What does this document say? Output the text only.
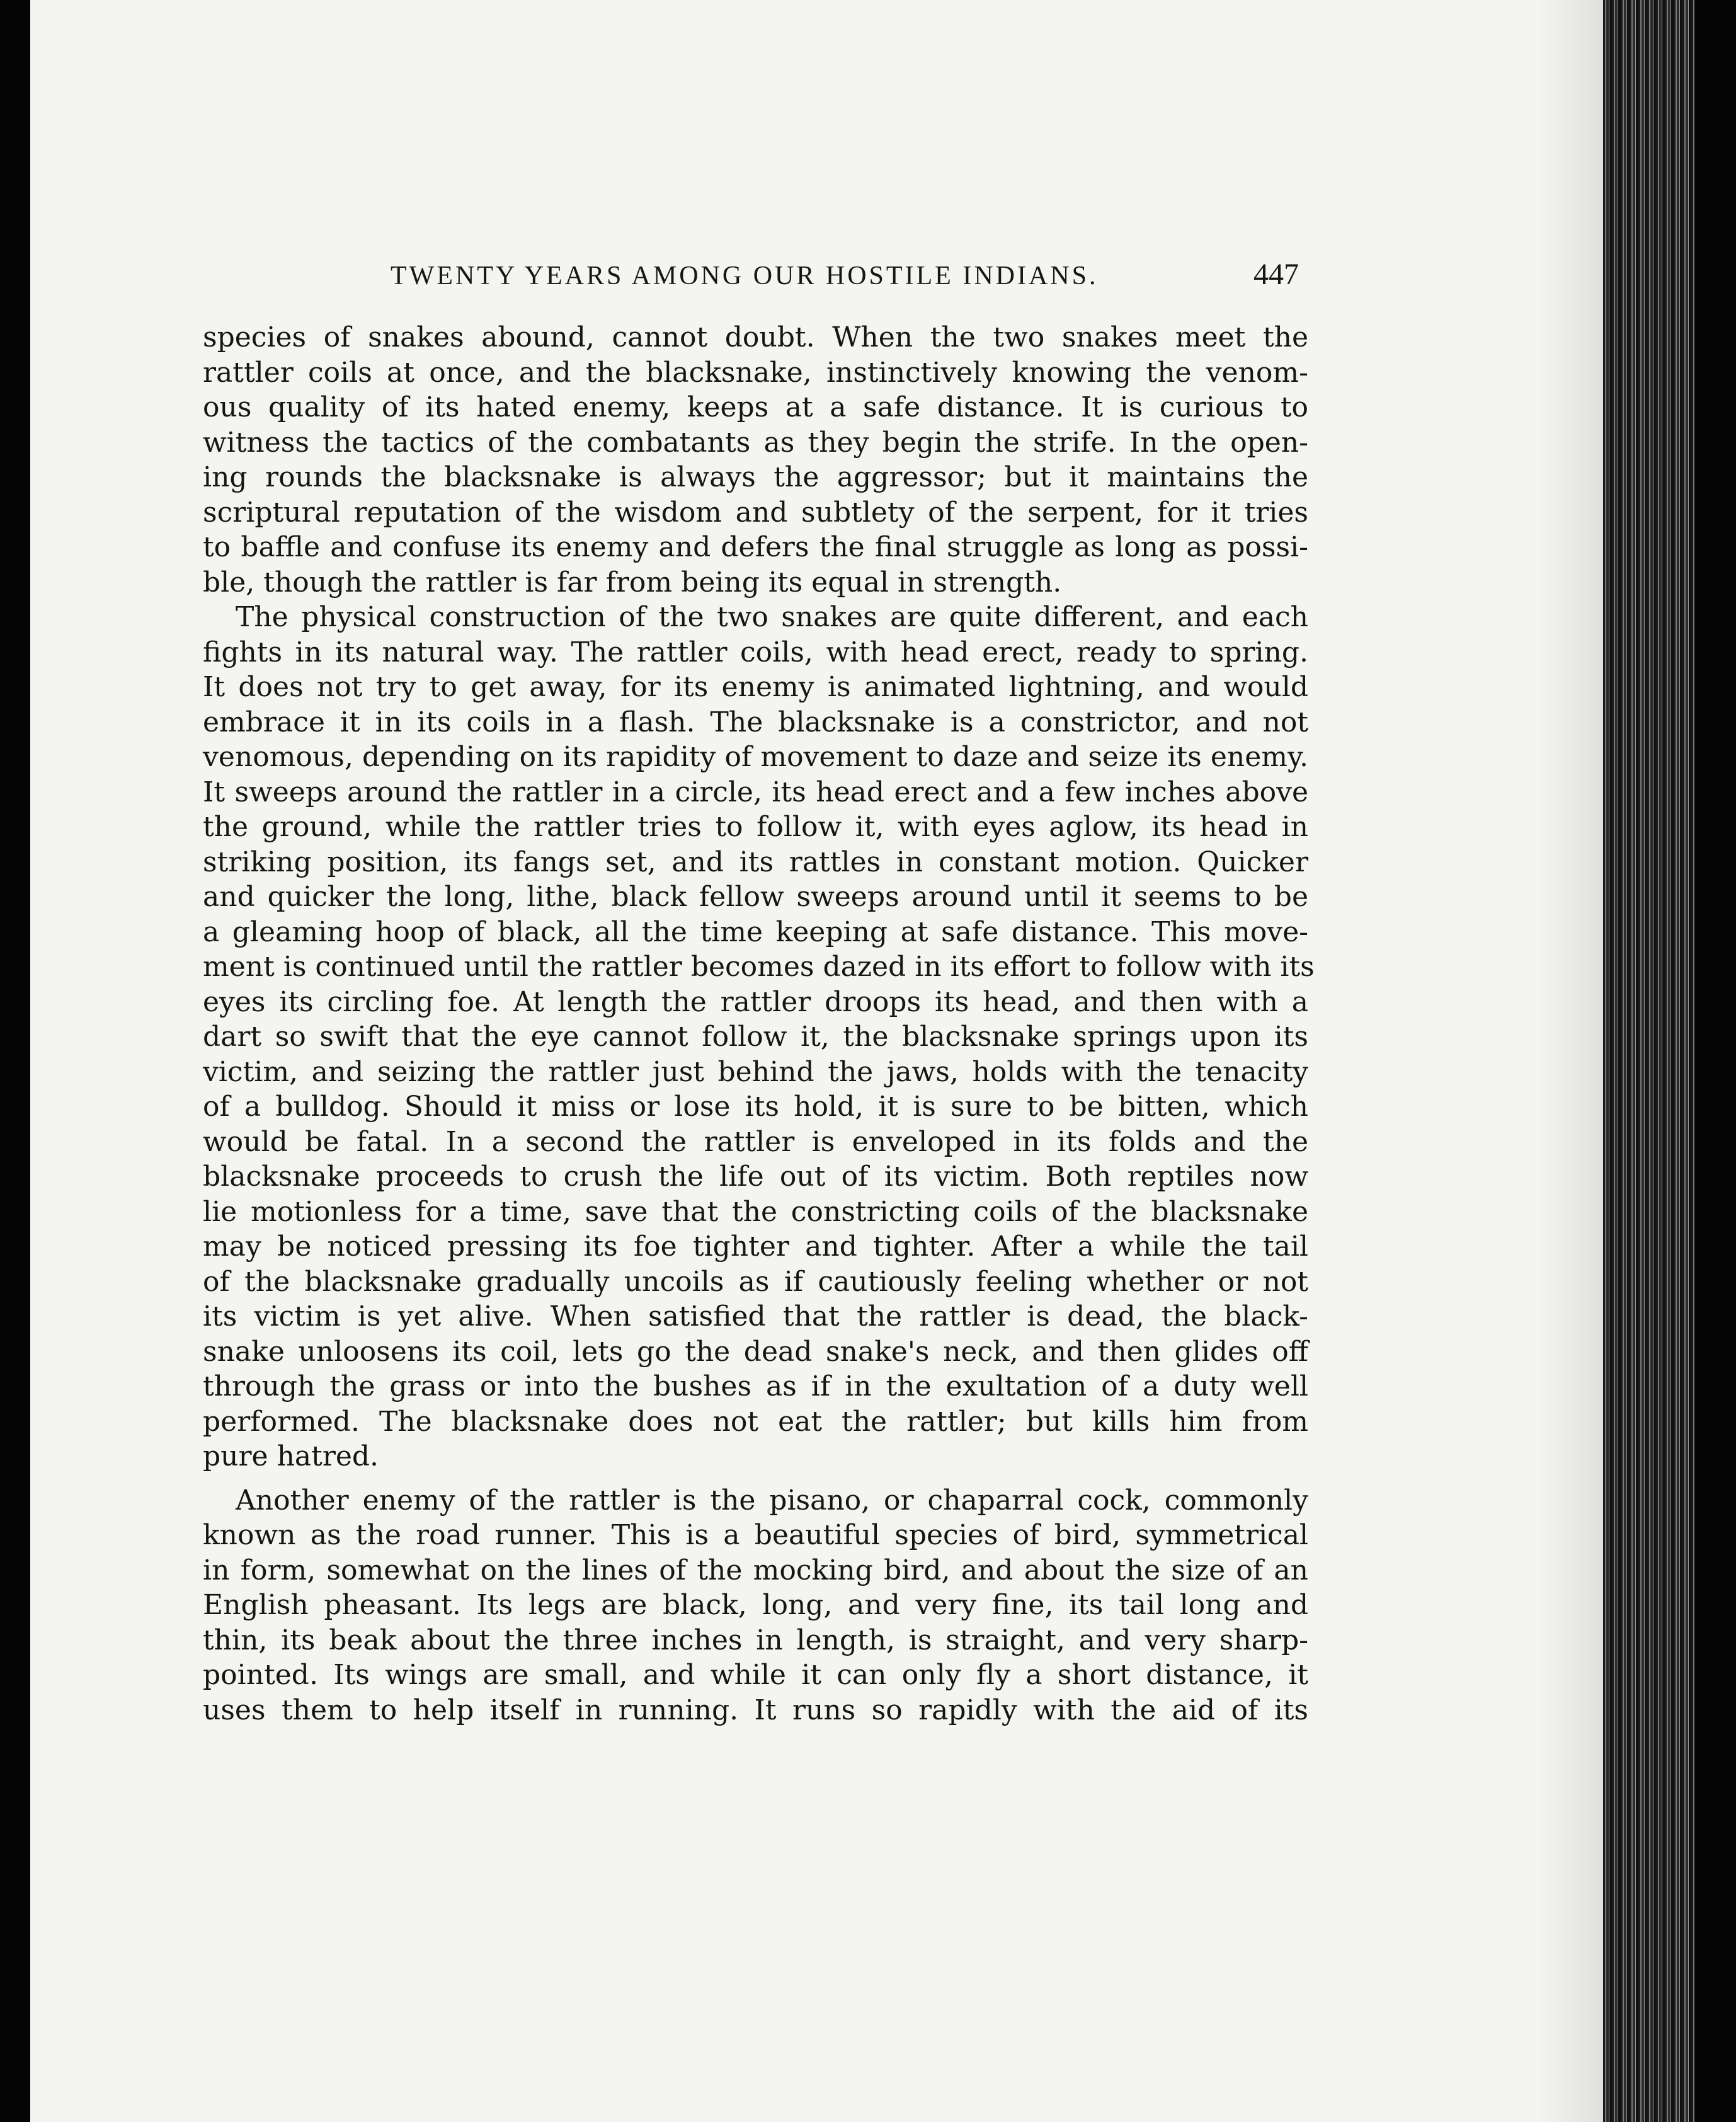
TWENTY YEARS AMONG OUR HOSTILE INDIANS.	447
species of snakes abound, cannot doubt. When the two snakes meet the
rattler coils at once, and the blacksnake, instinctively knowing the venom-
ous quality of its hated enemy, keeps at a safe distance. It is curious to
witness the tactics of the combatants as they begin the strife. In the open-
ing rounds the blacksnake is always the aggressor; but it maintains the
scriptural reputation of the wisdom and subtlety of the serpent, for it tries
to baffle and confuse its enemy and defers the final struggle as long as possi-
ble, though the rattler is far from being its equal in strength.
The physical construction of the two snakes are quite different, and each
fights in its natural way. The rattler coils, with head erect, ready to spring.
It does not try to get away, for its enemy is animated lightning, and would
embrace it in its coils in a flash. The blacksnake is a constrictor, and not
venomous, depending on its rapidity of movement to daze and seize its enemy.
It sweeps around the rattler in a circle, its head erect and a few inches above
the ground, while the rattler tries to follow it, with eyes aglow, its head in
striking position, its fangs set, and its rattles in constant motion. Quicker
and quicker the long, lithe, black fellow sweeps around until it seems to be
a gleaming hoop of black, all the time keeping at safe distance. This move-
ment is continued until the rattler becomes dazed in its effort to follow with its
eyes its circling foe. At length the rattler droops its head, and then with a
dart so swift that the eye cannot follow it, the blacksnake springs upon its
victim, and seizing the rattler just behind the jaws, holds with the tenacity
of a bulldog. Should it miss or lose its hold, it is sure to be bitten, which
would be fatal. In a second the rattler is enveloped in its folds and the
blacksnake proceeds to crush the life out of its victim. Both reptiles now
lie motionless for a time, save that the constricting coils of the blacksnake
may be noticed pressing its foe tighter and tighter. After a while the tail
of the blacksnake gradually uncoils as if cautiously feeling whether or not
its victim is yet alive. When satisfied that the rattler is dead, the black-
snake unloosens its coil, lets go the dead snake's neck, and then glides off
through the grass or into the bushes as if in the exultation of a duty well
performed. The blacksnake does not eat the rattler; but kills him from
pure hatred.
Another enemy of the rattler is the pisano, or chaparral cock, commonly
known as the road runner. This is a beautiful species of bird, symmetrical
in form, somewhat on the lines of the mocking bird, and about the size of an
English pheasant. Its legs are black, long, and very fine, its tail long and
thin, its beak about the three inches in length, is straight, and very sharp-
pointed. Its wings are small, and while it can only fly a short distance, it
uses them to help itself in running. It runs so rapidly with the aid of its
